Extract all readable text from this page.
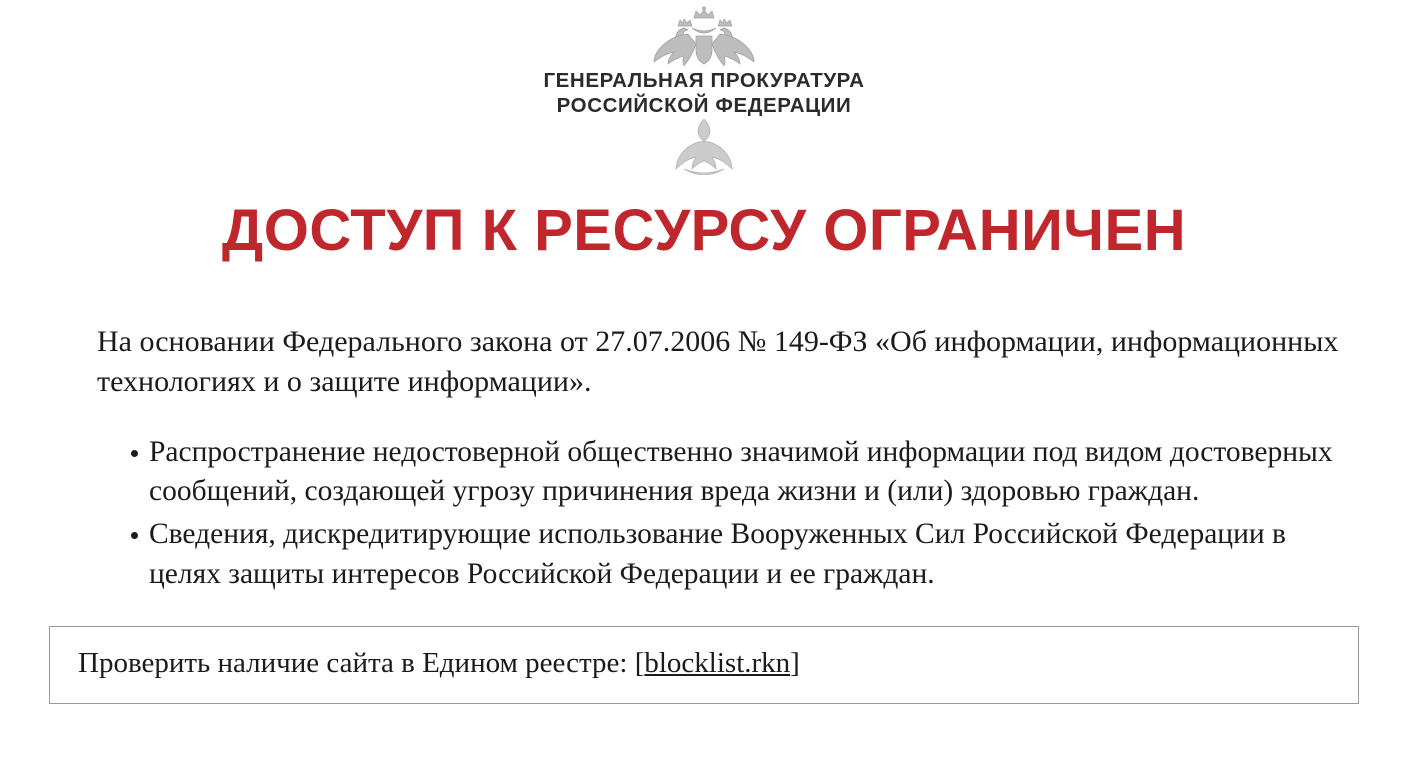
ГЕНЕРАЛЬНАЯ ПРОКУРАТУРА
РОССИЙСКОЙ ФЕДЕРАЦИИ
ДОСТУП К РЕСУРСУ ОГРАНИЧЕН

На основании Федерального закона от 27.07.2006 № 149-ФЗ «Об информации, информационных технологиях и о защите информации».

Распространение недостоверной общественно значимой информации под видом достоверных сообщений, создающей угрозу причинения вреда жизни и (или) здоровью граждан.
Сведения, дискредитирующие использование Вооруженных Сил Российской Федерации в целях защиты интересов Российской Федерации и ее граждан.
Проверить наличие сайта в Едином реестре: [blocklist.rkn]
